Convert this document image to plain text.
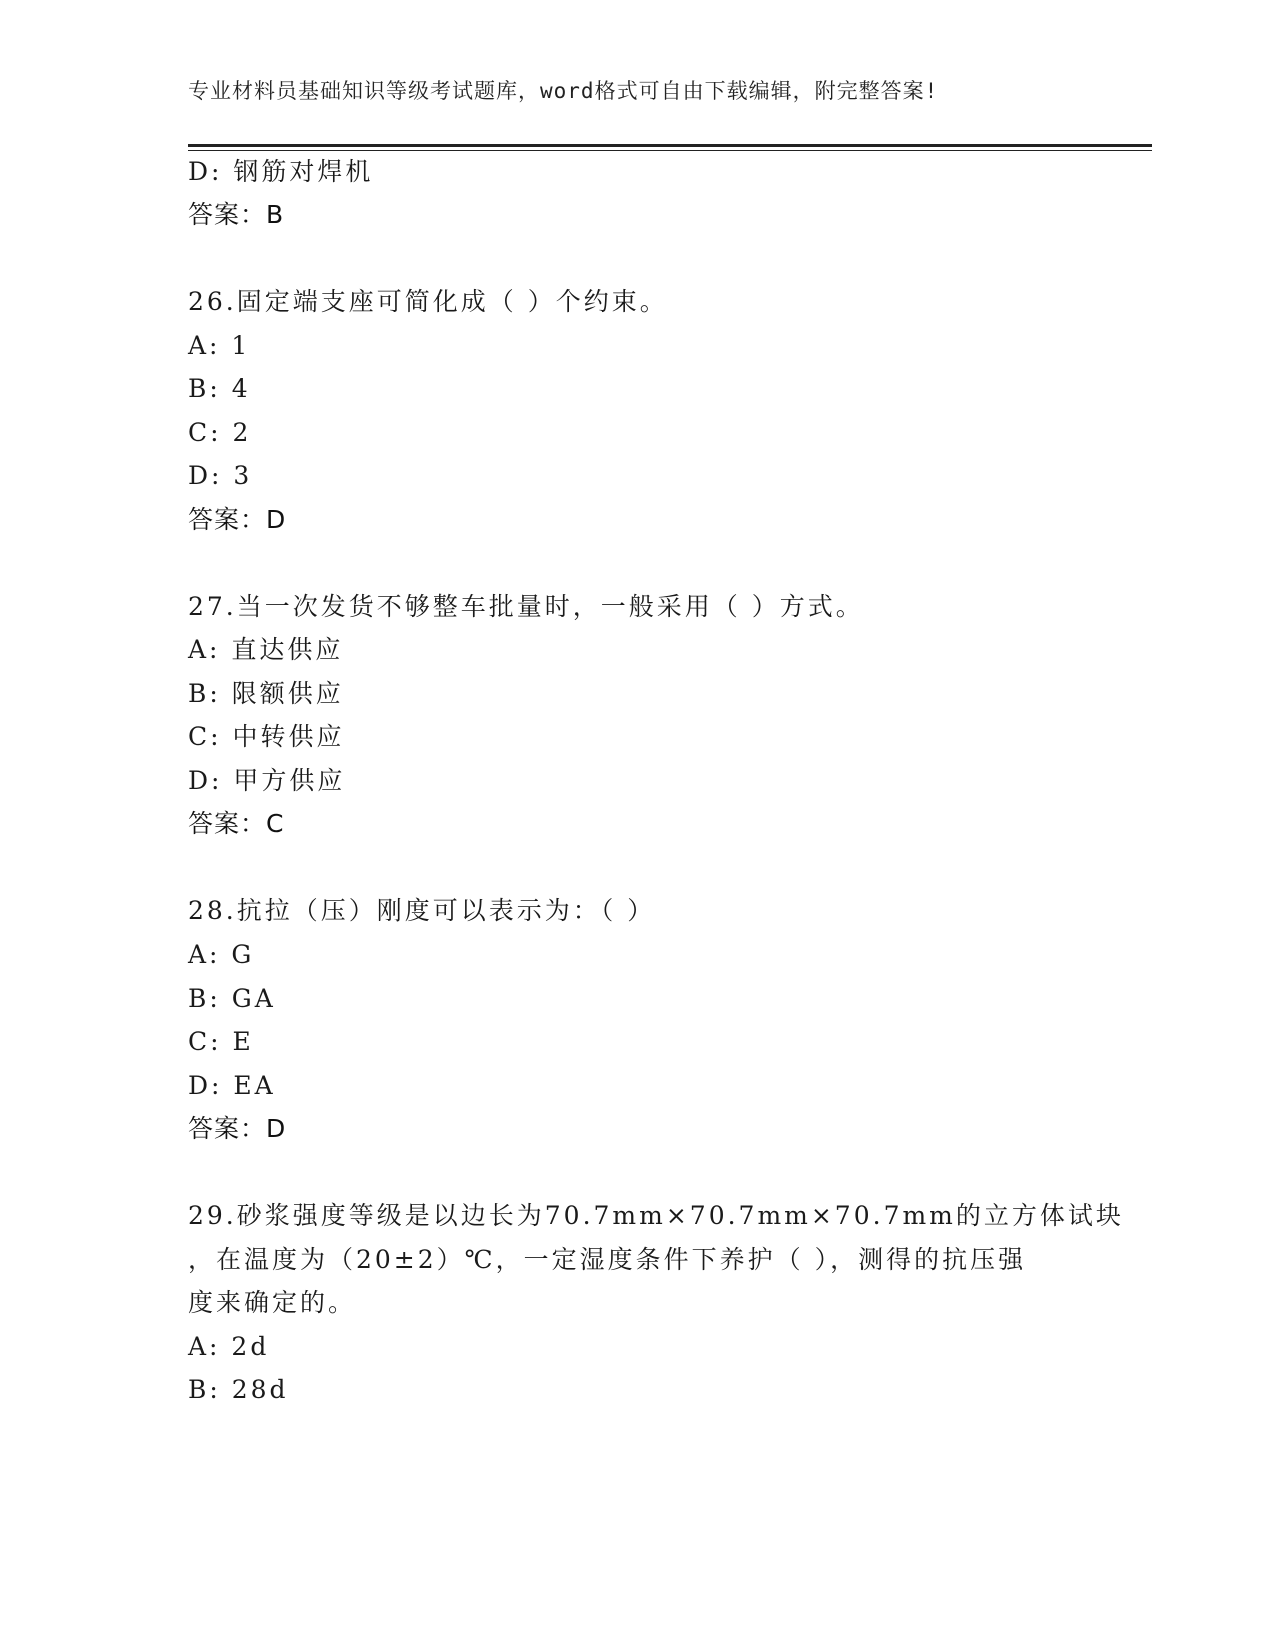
专业材料员基础知识等级考试题库，word格式可自由下载编辑，附完整答案!
D: 钢筋对焊机
答案：B
26.固定端支座可简化成（ ）个约束。
A: 1
B: 4
C: 2
D: 3
答案：D
27.当一次发货不够整车批量时，一般采用（ ）方式。
A: 直达供应
B: 限额供应
C: 中转供应
D: 甲方供应
答案：C
28.抗拉（压）刚度可以表示为：（ ）
A: G
B: GA
C: E
D: EA
答案：D
29.砂浆强度等级是以边长为70.7mm×70.7mm×70.7mm的立方体试块
，在温度为（20±2）℃，一定湿度条件下养护（ ），测得的抗压强
度来确定的。
A: 2d
B: 28d
